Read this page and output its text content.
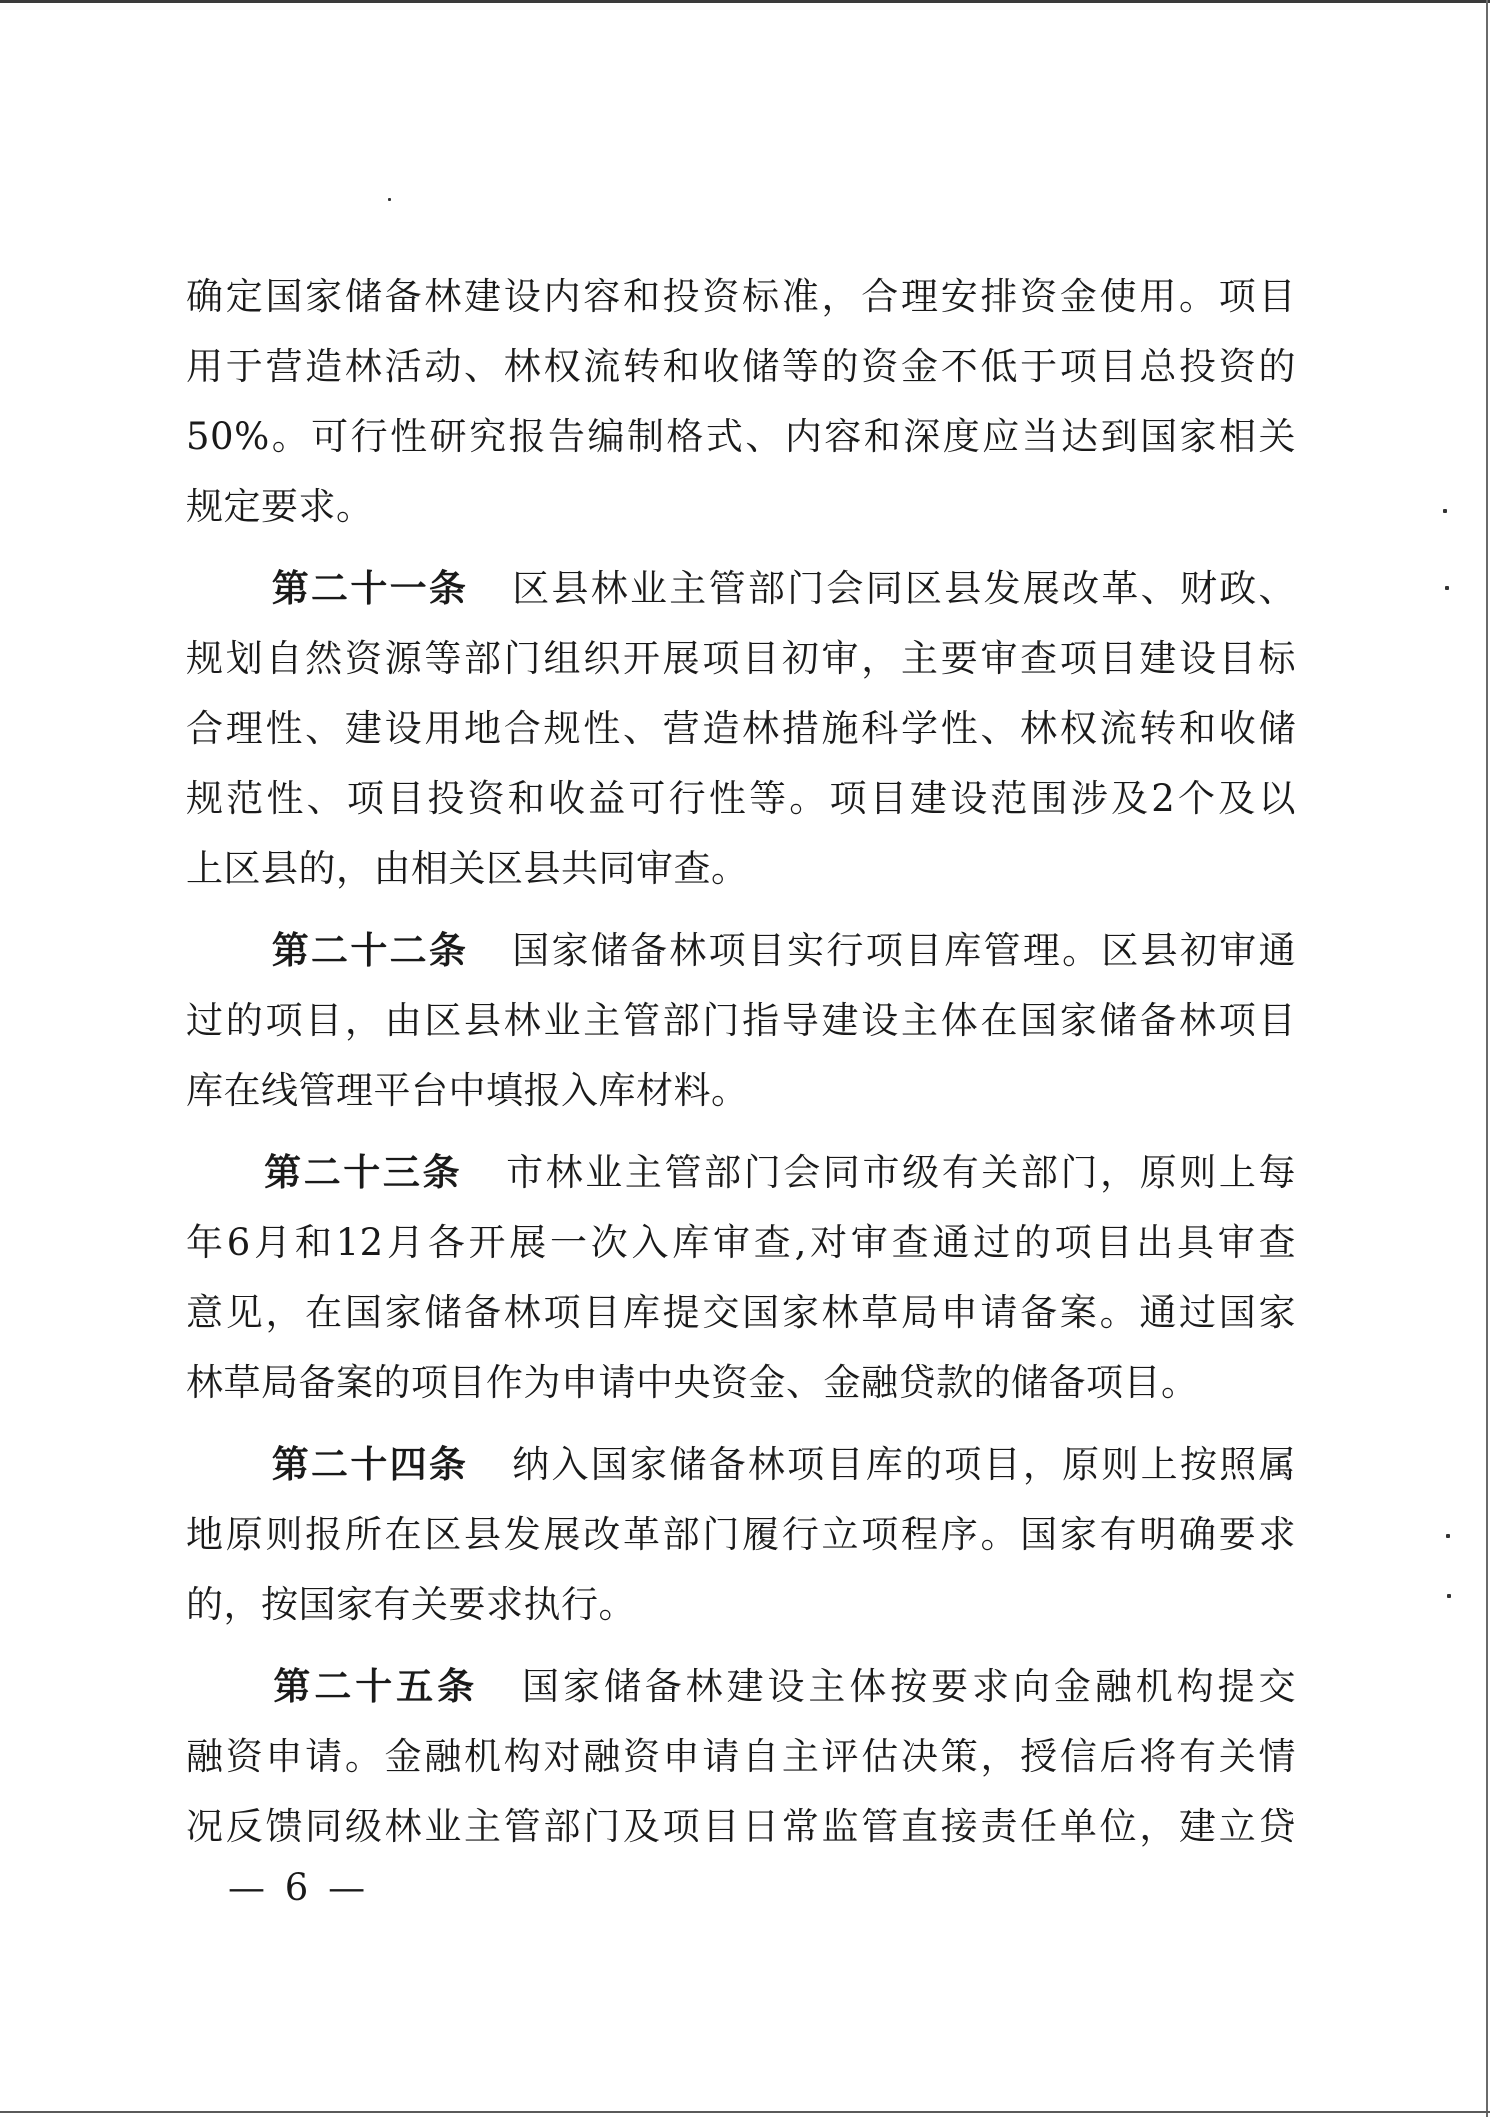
确定国家储备林建设内容和投资标准，合理安排资金使用。项目
用于营造林活动、林权流转和收储等的资金不低于项目总投资的
50%。可行性研究报告编制格式、内容和深度应当达到国家相关
规定要求。
第二十一条 区县林业主管部门会同区县发展改革、财政、
规划自然资源等部门组织开展项目初审，主要审查项目建设目标
合理性、建设用地合规性、营造林措施科学性、林权流转和收储
规范性、项目投资和收益可行性等。项目建设范围涉及2个及以
上区县的，由相关区县共同审查。
第二十二条 国家储备林项目实行项目库管理。区县初审通
过的项目，由区县林业主管部门指导建设主体在国家储备林项目
库在线管理平台中填报入库材料。
第二十三条 市林业主管部门会同市级有关部门，原则上每
年6月和12月各开展一次入库审查,对审查通过的项目出具审查
意见，在国家储备林项目库提交国家林草局申请备案。通过国家
林草局备案的项目作为申请中央资金、金融贷款的储备项目。
第二十四条 纳入国家储备林项目库的项目，原则上按照属
地原则报所在区县发展改革部门履行立项程序。国家有明确要求
的，按国家有关要求执行。
第二十五条 国家储备林建设主体按要求向金融机构提交
融资申请。金融机构对融资申请自主评估决策，授信后将有关情
况反馈同级林业主管部门及项目日常监管直接责任单位，建立贷
— 6 —
